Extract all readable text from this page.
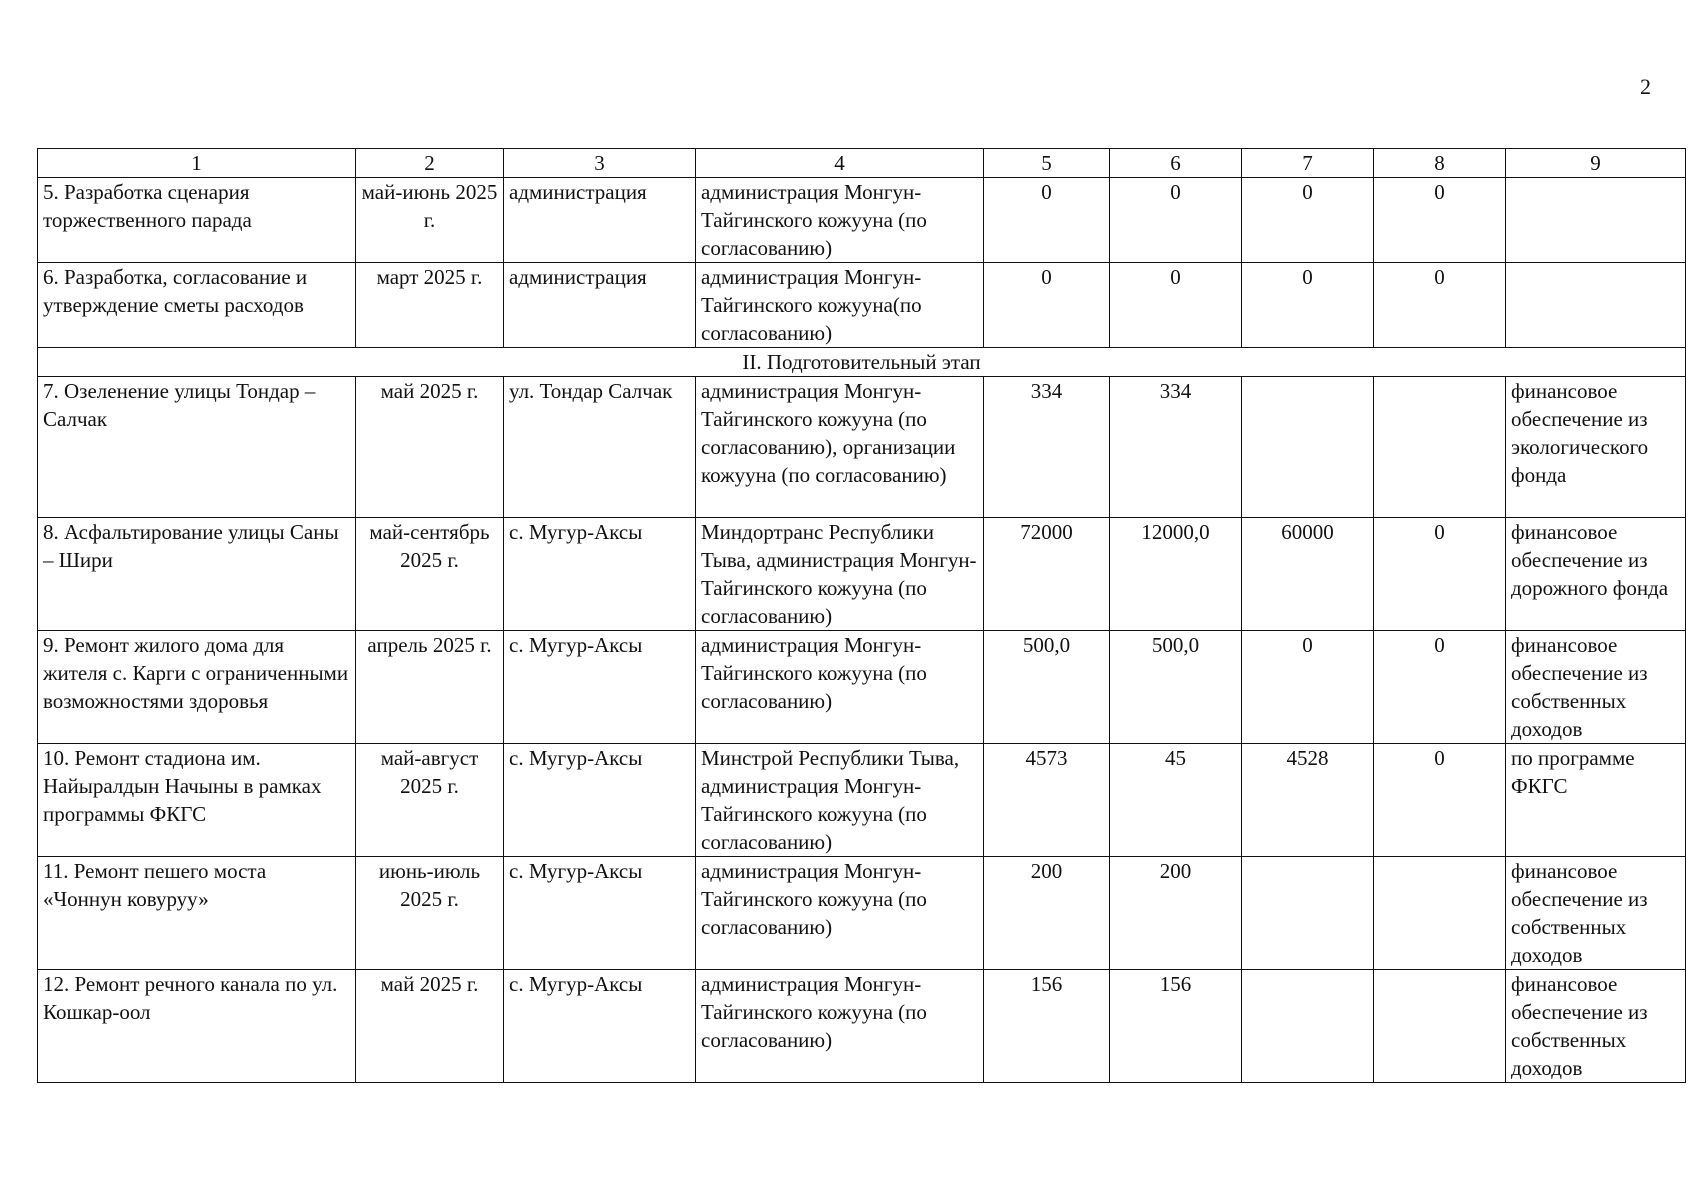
2
1	2	3	4	5	6	7	8	9
5. Разработка сценария торжественного парада	май-июнь 2025 г.	администрация	администрация Монгун-Тайгинского кожууна (по согласованию)	0	0	0	0	
6. Разработка, согласование и утверждение сметы расходов	март 2025 г.	администрация	администрация Монгун-Тайгинского кожууна(по согласованию)	0	0	0	0	
II. Подготовительный этап								
7. Озеленение улицы Тондар – Салчак	май 2025 г.	ул. Тондар Салчак	администрация Монгун-Тайгинского кожууна (по согласованию), организации кожууна (по согласованию)	334	334			финансовое обеспечение из экологического фонда
8. Асфальтирование улицы Саны – Шири	май-сентябрь 2025 г.	с. Мугур-Аксы	Миндортранс Республики Тыва, администрация Монгун-Тайгинского кожууна (по согласованию)	72000	12000,0	60000	0	финансовое обеспечение из дорожного фонда
9. Ремонт жилого дома для жителя с. Карги с ограниченными возможностями здоровья	апрель 2025 г.	с. Мугур-Аксы	администрация Монгун-Тайгинского кожууна (по согласованию)	500,0	500,0	0	0	финансовое обеспечение из собственных доходов
10. Ремонт стадиона им. Найыралдын Начыны в рамках программы ФКГС	май-август 2025 г.	с. Мугур-Аксы	Минстрой Республики Тыва, администрация Монгун-Тайгинского кожууна (по согласованию)	4573	45	4528	0	по программе ФКГС
11. Ремонт пешего моста «Чоннун ковуруу»	июнь-июль 2025 г.	с. Мугур-Аксы	администрация Монгун-Тайгинского кожууна (по согласованию)	200	200			финансовое обеспечение из собственных доходов
12. Ремонт речного канала по ул. Кошкар-оол	май 2025 г.	с. Мугур-Аксы	администрация Монгун-Тайгинского кожууна (по согласованию)	156	156			финансовое обеспечение из собственных доходов
